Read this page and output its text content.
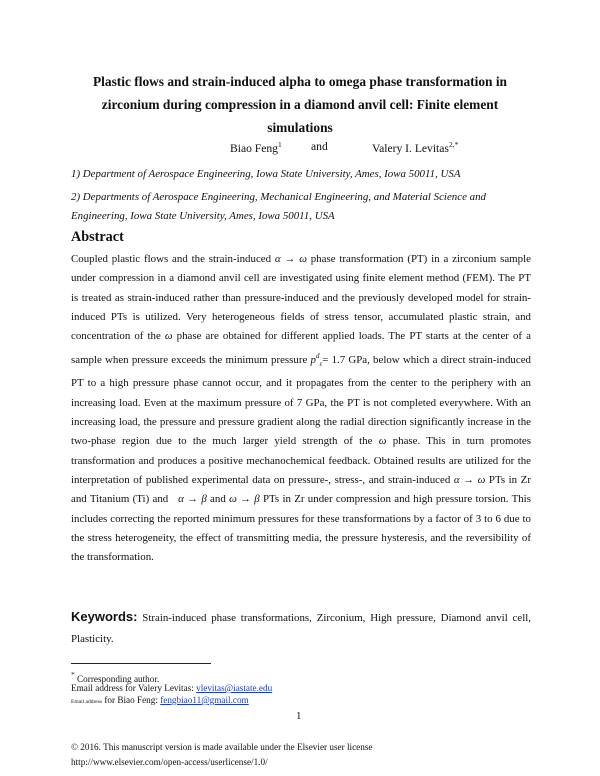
Plastic flows and strain-induced alpha to omega phase transformation in zirconium during compression in a diamond anvil cell: Finite element simulations
Biao Feng$^1$	and	Valery I. Levitas$^{2,*}$
1) Department of Aerospace Engineering, Iowa State University, Ames, Iowa 50011, USA
2) Departments of Aerospace Engineering, Mechanical Engineering, and Material Science and Engineering, Iowa State University, Ames, Iowa 50011, USA
Abstract

Coupled plastic flows and the strain-induced α → ω phase transformation (PT) in a zirconium sample under compression in a diamond anvil cell are investigated using finite element method (FEM). The PT is treated as strain-induced rather than pressure-induced and the previously developed model for strain-induced PTs is utilized. Very heterogeneous fields of stress tensor, accumulated plastic strain, and concentration of the ω phase are obtained for different applied loads. The PT starts at the center of a sample when pressure exceeds the minimum pressure $p^d_\varepsilon= 1.7$ GPa, below which a direct strain-induced PT to a high pressure phase cannot occur, and it propagates from the center to the periphery with an increasing load. Even at the maximum pressure of 7 GPa, the PT is not completed everywhere. With an increasing load, the pressure and pressure gradient along the radial direction significantly increase in the two-phase region due to the much larger yield strength of the ω phase. This in turn promotes transformation and produces a positive mechanochemical feedback. Obtained results are utilized for the interpretation of published experimental data on pressure-, stress-, and strain-induced α → ω PTs in Zr and Titanium (Ti) and α → β and ω → β PTs in Zr under compression and high pressure torsion. This includes correcting the reported minimum pressures for these transformations by a factor of 3 to 6 due to the stress heterogeneity, the effect of transmitting media, the pressure hysteresis, and the reversibility of the transformation.

Keywords: Strain-induced phase transformations, Zirconium, High pressure, Diamond anvil cell, Plasticity.

* Corresponding author.
Email address for Valery Levitas: vlevitas@iastate.edu
Email address for Biao Feng: fengbiao11@gmail.com
1
© 2016. This manuscript version is made available under the Elsevier user license
http://www.elsevier.com/open-access/userlicense/1.0/
